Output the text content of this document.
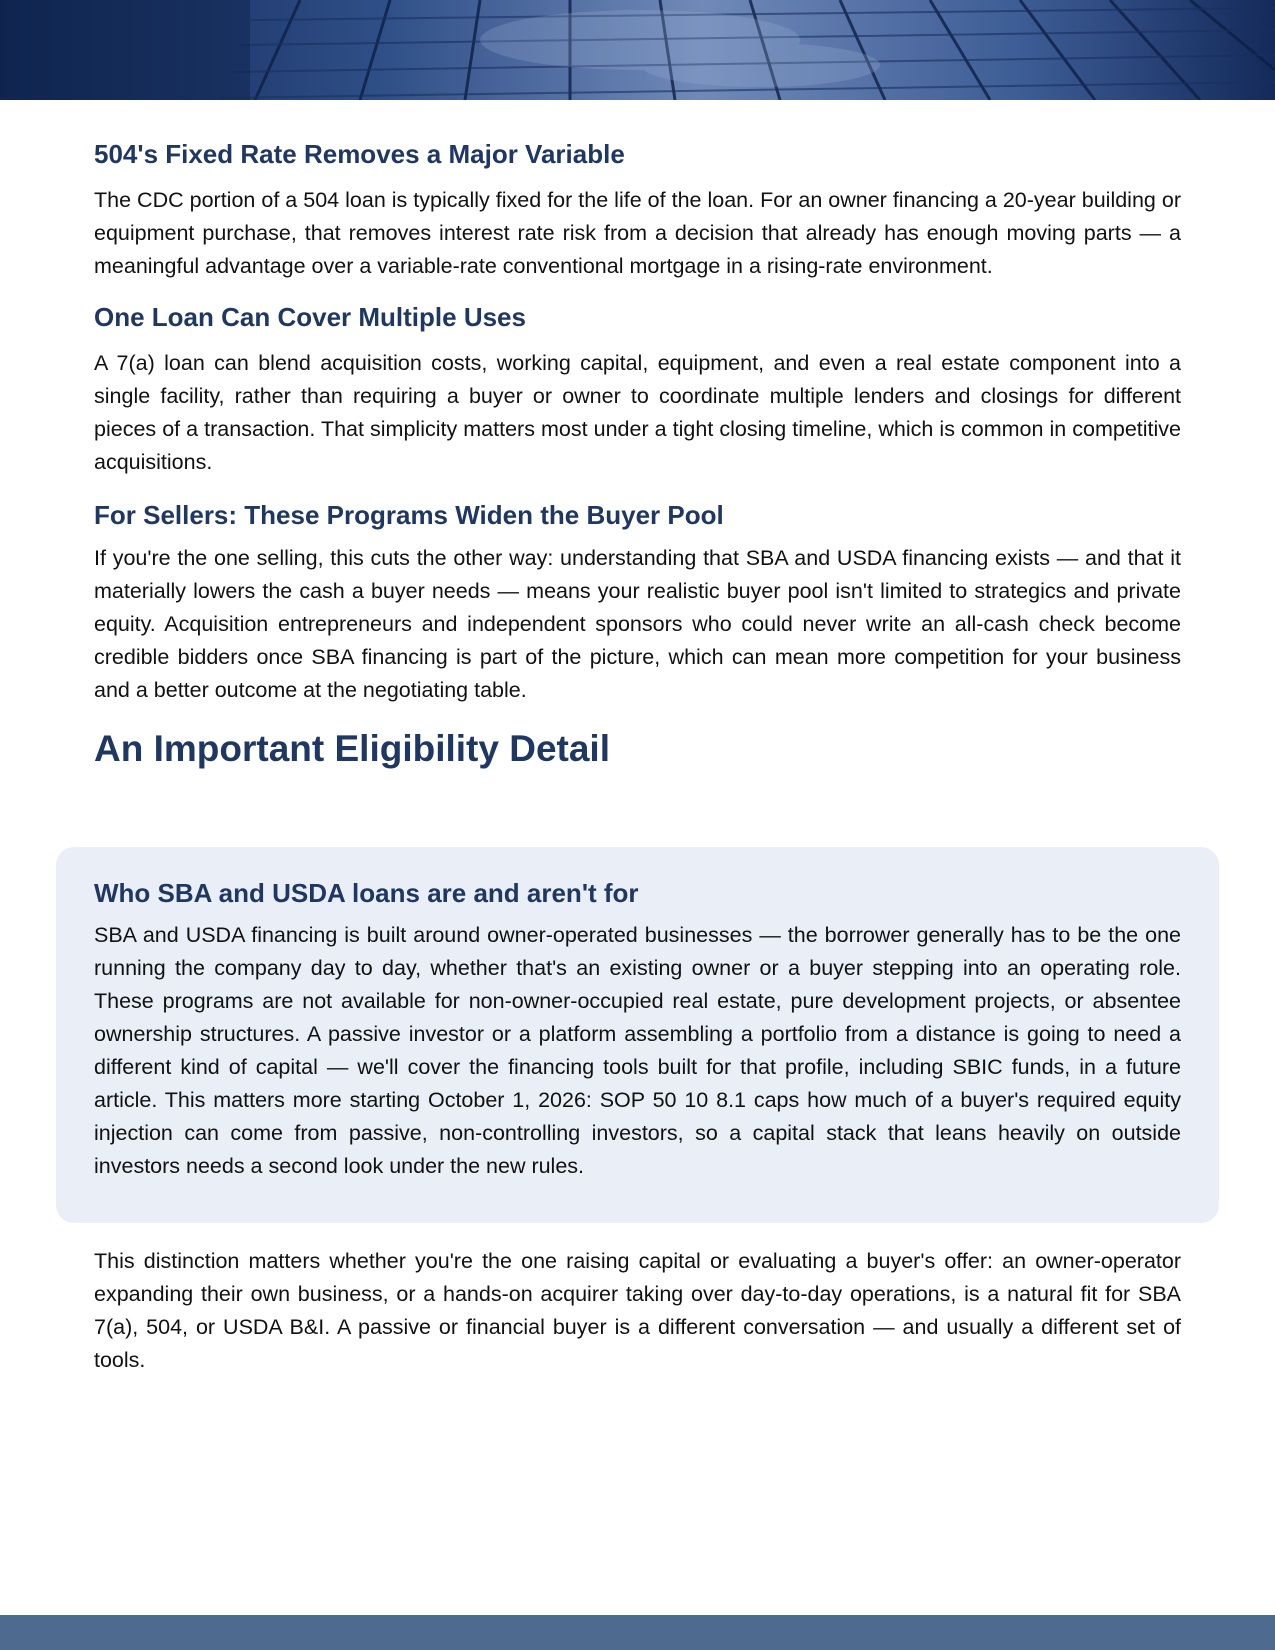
504's Fixed Rate Removes a Major Variable

The CDC portion of a 504 loan is typically fixed for the life of the loan. For an owner financing a 20-year building or equipment purchase, that removes interest rate risk from a decision that already has enough moving parts — a meaningful advantage over a variable-rate conventional mortgage in a rising-rate environment.

One Loan Can Cover Multiple Uses

A 7(a) loan can blend acquisition costs, working capital, equipment, and even a real estate component into a single facility, rather than requiring a buyer or owner to coordinate multiple lenders and closings for different pieces of a transaction. That simplicity matters most under a tight closing timeline, which is common in competitive acquisitions.

For Sellers: These Programs Widen the Buyer Pool

If you're the one selling, this cuts the other way: understanding that SBA and USDA financing exists — and that it materially lowers the cash a buyer needs — means your realistic buyer pool isn't limited to strategics and private equity. Acquisition entrepreneurs and independent sponsors who could never write an all-cash check become credible bidders once SBA financing is part of the picture, which can mean more competition for your business and a better outcome at the negotiating table.

An Important Eligibility Detail
Who SBA and USDA loans are and aren't for

SBA and USDA financing is built around owner-operated businesses — the borrower generally has to be the one running the company day to day, whether that's an existing owner or a buyer stepping into an operating role. These programs are not available for non-owner-occupied real estate, pure development projects, or absentee ownership structures. A passive investor or a platform assembling a portfolio from a distance is going to need a different kind of capital — we'll cover the financing tools built for that profile, including SBIC funds, in a future article. This matters more starting October 1, 2026: SOP 50 10 8.1 caps how much of a buyer's required equity injection can come from passive, non-controlling investors, so a capital stack that leans heavily on outside investors needs a second look under the new rules.

This distinction matters whether you're the one raising capital or evaluating a buyer's offer: an owner-operator expanding their own business, or a hands-on acquirer taking over day-to-day operations, is a natural fit for SBA 7(a), 504, or USDA B&I. A passive or financial buyer is a different conversation — and usually a different set of tools.
